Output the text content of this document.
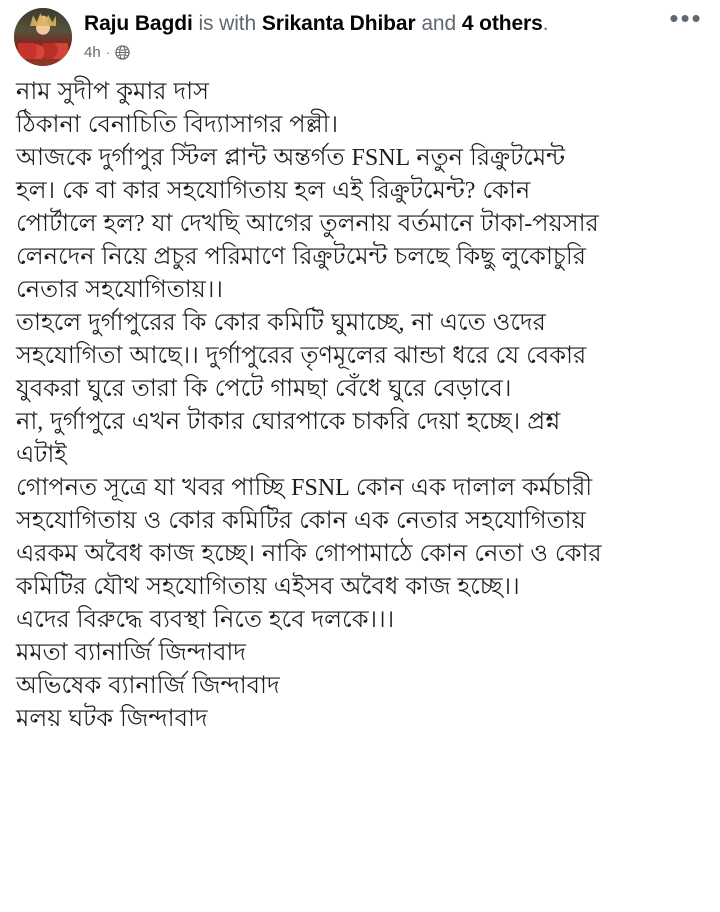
Raju Bagdi is with Srikanta Dhibar and 4 others.
4h ·
•••

নাম সুদীপ কুমার দাস

ঠিকানা বেনাচিতি বিদ্যাসাগর পল্লী।

আজকে দুর্গাপুর স্টিল প্লান্ট অন্তর্গত FSNL নতুন রিক্রুটমেন্ট

হল। কে বা কার সহযোগিতায় হল এই রিক্রুটমেন্ট? কোন

পোর্টালে হল? যা দেখছি আগের তুলনায় বর্তমানে টাকা-পয়সার

লেনদেন নিয়ে প্রচুর পরিমাণে রিক্রুটমেন্ট চলছে কিছু লুকোচুরি

নেতার সহযোগিতায়।।

তাহলে দুর্গাপুরের কি কোর কমিটি ঘুমাচ্ছে, না এতে ওদের

সহযোগিতা আছে।। দুর্গাপুরের তৃণমূলের ঝান্ডা ধরে যে বেকার

যুবকরা ঘুরে তারা কি পেটে গামছা বেঁধে ঘুরে বেড়াবে।

না, দুর্গাপুরে এখন টাকার ঘোরপাকে চাকরি দেয়া হচ্ছে। প্রশ্ন

এটাই

গোপনত সূত্রে যা খবর পাচ্ছি FSNL কোন এক দালাল কর্মচারী

সহযোগিতায় ও কোর কমিটির কোন এক নেতার সহযোগিতায়

এরকম অবৈধ কাজ হচ্ছে। নাকি গোপামাঠে কোন নেতা ও কোর

কমিটির যৌথ সহযোগিতায় এইসব অবৈধ কাজ হচ্ছে।।

এদের বিরুদ্ধে ব্যবস্থা নিতে হবে দলকে।।।

মমতা ব্যানার্জি জিন্দাবাদ

অভিষেক ব্যানার্জি জিন্দাবাদ

মলয় ঘটক জিন্দাবাদ
